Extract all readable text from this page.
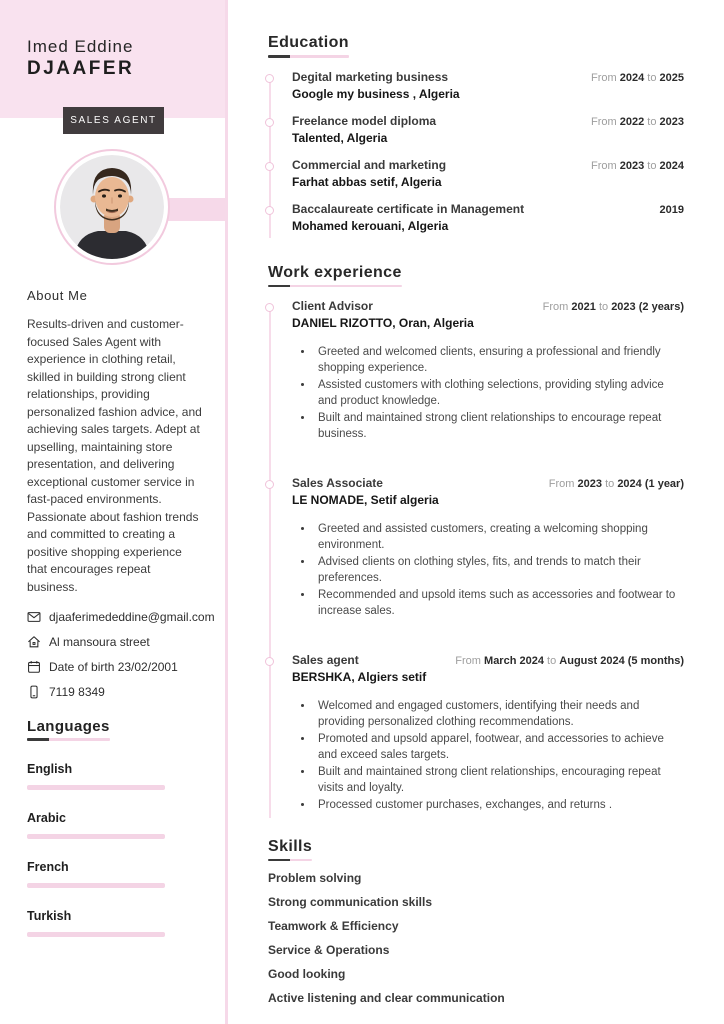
Imed Eddine
DJAAFER
SALES AGENT
About Me
Results-driven and customer-focused Sales Agent with experience in clothing retail, skilled in building strong client relationships, providing personalized fashion advice, and achieving sales targets. Adept at upselling, maintaining store presentation, and delivering exceptional customer service in fast-paced environments. Passionate about fashion trends and committed to creating a positive shopping experience that encourages repeat business.
djaaferimededdine@gmail.com
Al mansoura street
Date of birth 23/02/2001
7119 8349
Languages
English
Arabic
French
Turkish
Education
Degital marketing business	From 2024 to 2025
Google my business , Algeria
Freelance model diploma	From 2022 to 2023
Talented, Algeria
Commercial and marketing	From 2023 to 2024
Farhat abbas setif, Algeria
Baccalaureate certificate in Management	2019
Mohamed kerouani, Algeria
Work experience
Client Advisor	From 2021 to 2023 (2 years)
DANIEL RIZOTTO, Oran, Algeria
• Greeted and welcomed clients, ensuring a professional and friendly shopping experience.
• Assisted customers with clothing selections, providing styling advice and product knowledge.
• Built and maintained strong client relationships to encourage repeat business.
Sales Associate	From 2023 to 2024 (1 year)
LE NOMADE, Setif algeria
• Greeted and assisted customers, creating a welcoming shopping environment.
• Advised clients on clothing styles, fits, and trends to match their preferences.
• Recommended and upsold items such as accessories and footwear to increase sales.
Sales agent	From March 2024 to August 2024 (5 months)
BERSHKA, Algiers setif
• Welcomed and engaged customers, identifying their needs and providing personalized clothing recommendations.
• Promoted and upsold apparel, footwear, and accessories to achieve and exceed sales targets.
• Built and maintained strong client relationships, encouraging repeat visits and loyalty.
• Processed customer purchases, exchanges, and returns .
Skills
Problem solving
Strong communication skills
Teamwork & Efficiency
Service & Operations
Good looking
Active listening and clear communication
